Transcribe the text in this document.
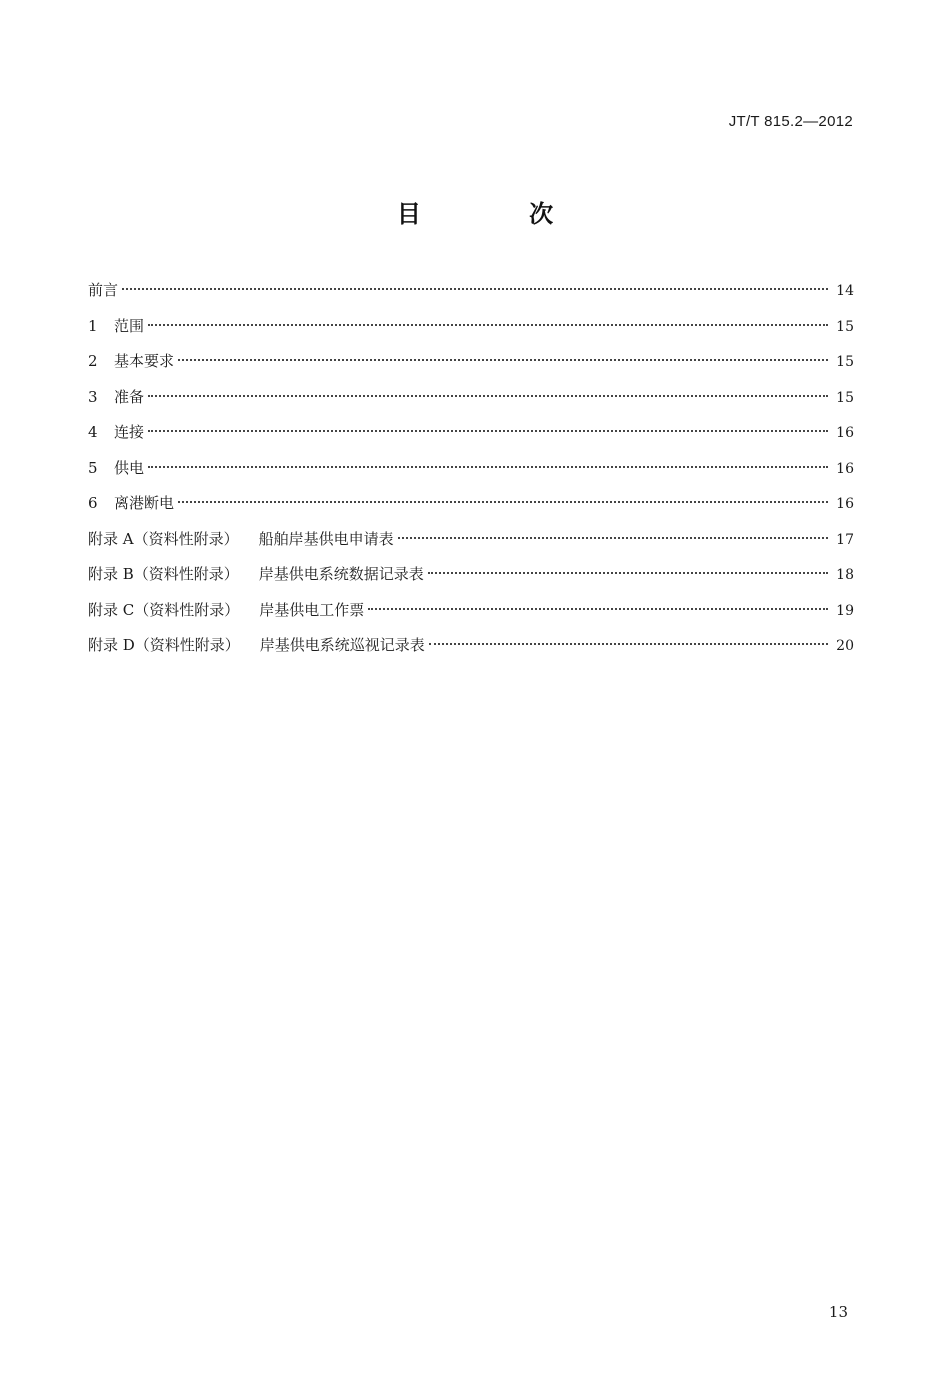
JT/T 815.2—2012
目 次
前言	14
1	范围	15
2	基本要求	15
3	准备	15
4	连接	16
5	供电	16
6	离港断电	16
附录 A（资料性附录） 船舶岸基供电申请表	17
附录 B（资料性附录） 岸基供电系统数据记录表	18
附录 C（资料性附录） 岸基供电工作票	19
附录 D（资料性附录） 岸基供电系统巡视记录表	20
13
